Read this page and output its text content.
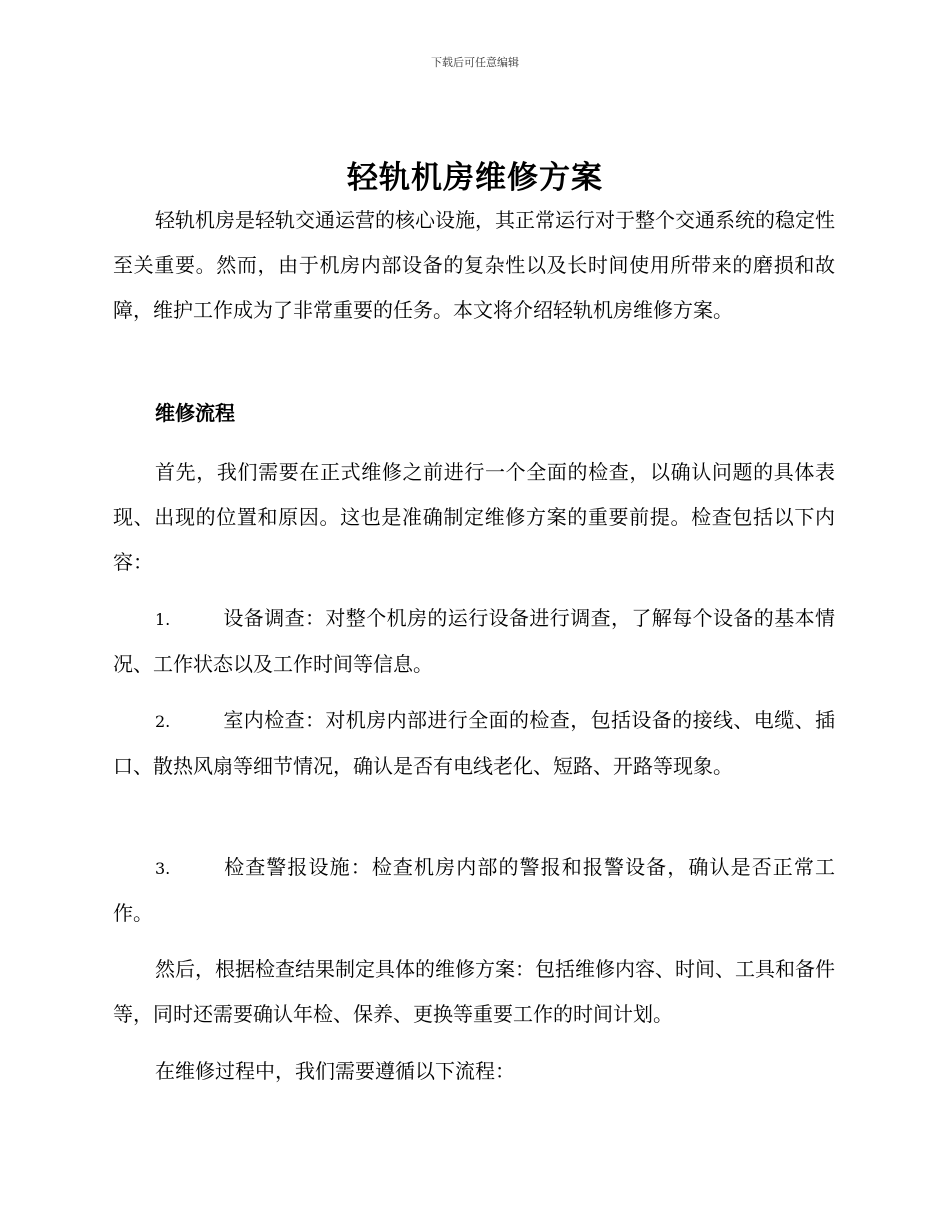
下载后可任意编辑
轻轨机房维修方案

轻轨机房是轻轨交通运营的核心设施，其正常运行对于整个交通系统的稳定性至关重要。然而，由于机房内部设备的复杂性以及长时间使用所带来的磨损和故障，维护工作成为了非常重要的任务。本文将介绍轻轨机房维修方案。

维修流程

首先，我们需要在正式维修之前进行一个全面的检查，以确认问题的具体表现、出现的位置和原因。这也是准确制定维修方案的重要前提。检查包括以下内容：

1.	设备调查：对整个机房的运行设备进行调查，了解每个设备的基本情况、工作状态以及工作时间等信息。

2.	室内检查：对机房内部进行全面的检查，包括设备的接线、电缆、插口、散热风扇等细节情况，确认是否有电线老化、短路、开路等现象。

3.	检查警报设施：检查机房内部的警报和报警设备，确认是否正常工作。

然后，根据检查结果制定具体的维修方案：包括维修内容、时间、工具和备件等，同时还需要确认年检、保养、更换等重要工作的时间计划。

在维修过程中，我们需要遵循以下流程：
